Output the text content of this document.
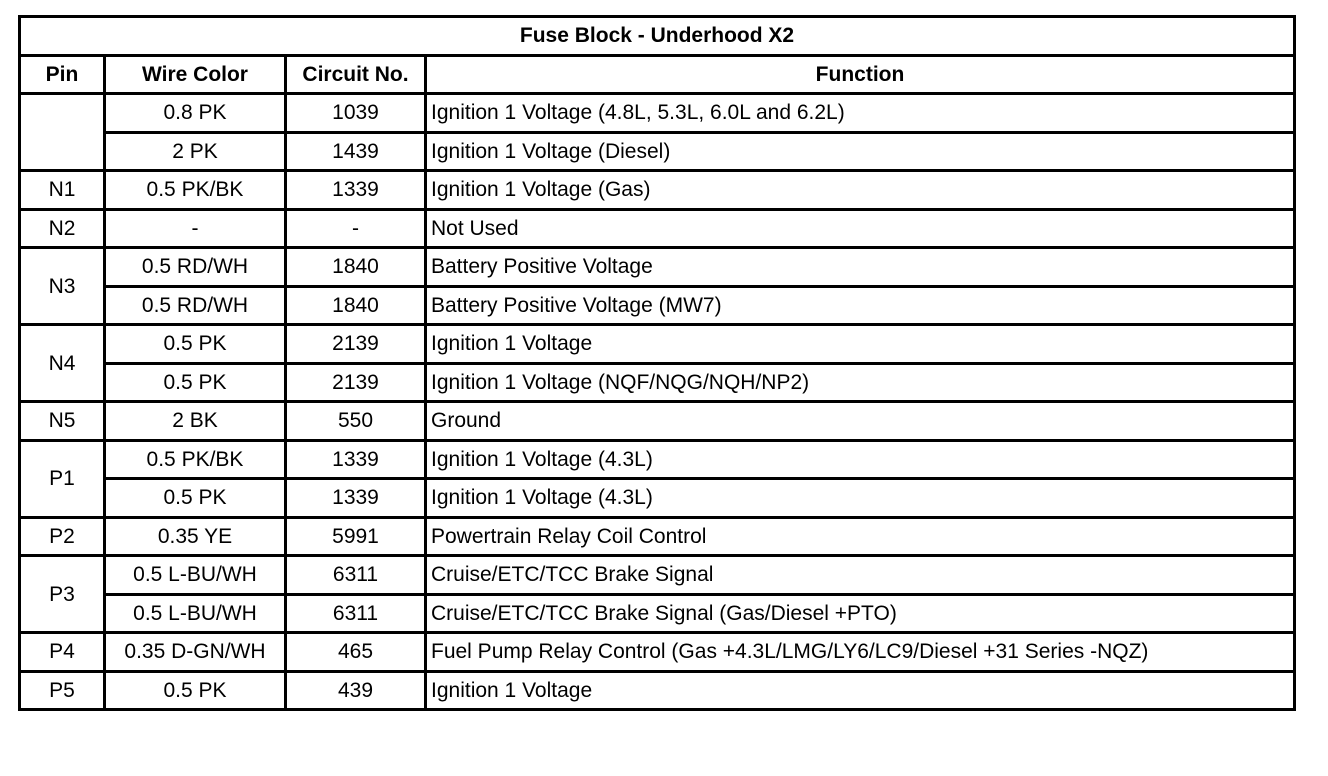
Fuse Block - Underhood X2			
Pin	Wire Color	Circuit No.	Function
	0.8 PK	1039	Ignition 1 Voltage (4.8L, 5.3L, 6.0L and 6.2L)
	2 PK	1439	Ignition 1 Voltage (Diesel)
N1	0.5 PK/BK	1339	Ignition 1 Voltage (Gas)
N2	-	-	Not Used
N3	0.5 RD/WH	1840	Battery Positive Voltage
	0.5 RD/WH	1840	Battery Positive Voltage (MW7)
N4	0.5 PK	2139	Ignition 1 Voltage
	0.5 PK	2139	Ignition 1 Voltage (NQF/NQG/NQH/NP2)
N5	2 BK	550	Ground
P1	0.5 PK/BK	1339	Ignition 1 Voltage (4.3L)
	0.5 PK	1339	Ignition 1 Voltage (4.3L)
P2	0.35 YE	5991	Powertrain Relay Coil Control
P3	0.5 L-BU/WH	6311	Cruise/ETC/TCC Brake Signal
	0.5 L-BU/WH	6311	Cruise/ETC/TCC Brake Signal (Gas/Diesel +PTO)
P4	0.35 D-GN/WH	465	Fuel Pump Relay Control (Gas +4.3L/LMG/LY6/LC9/Diesel +31 Series -NQZ)
P5	0.5 PK	439	Ignition 1 Voltage
